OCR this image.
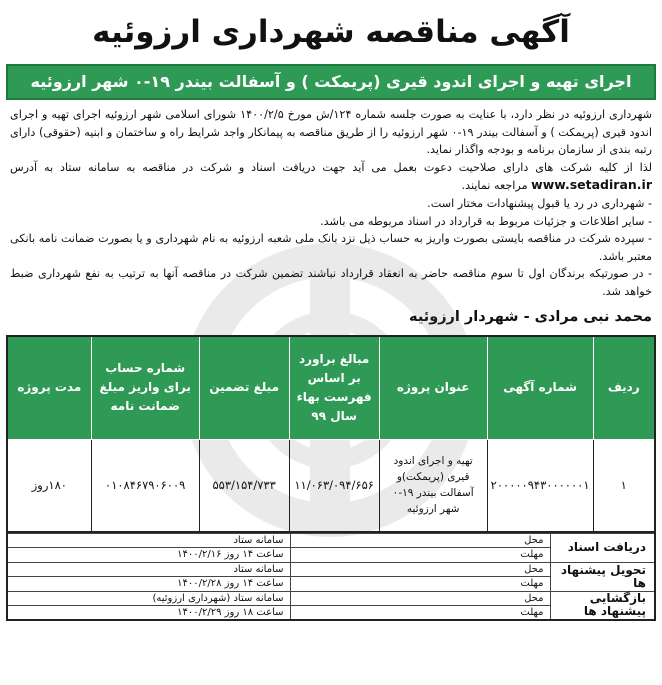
آگهی مناقصه شهرداری ارزوئیه
اجرای تهیه و اجرای اندود قیری (پریمکت ) و آسفالت بیندر ۱۹-۰ شهر ارزوئیه

شهرداری ارزوئیه در نظر دارد، با عنایت به صورت جلسه شماره ۱۲۴/ش مورخ ۱۴۰۰/۲/۵ شورای اسلامی شهر ارزوئیه اجرای تهیه و اجرای اندود قیری (پریمکت ) و آسفالت بیندر ۱۹-۰ شهر ارزوئیه را از طریق مناقصه به پیمانکار واجد شرایط راه و ساختمان و ابنیه (حقوقی) دارای رتبه بندی از سازمان برنامه و بودجه واگذار نماید.

لذا از کلیه شرکت های دارای صلاحیت دعوت بعمل می آید جهت دریافت اسناد و شرکت در مناقصه به سامانه ستاد به آدرس www.setadiran.ir مراجعه نمایند.

- شهرداری در رد یا قبول پیشنهادات مختار است.

- سایر اطلاعات و جزئیات مربوط به قرارداد در اسناد مربوطه می باشد.

- سپرده شرکت در مناقصه بایستی بصورت واریز به حساب ذیل نزد بانک ملی شعبه ارزوئیه به نام شهرداری و یا بصورت ضمانت نامه بانکی معتبر باشد.

- در صورتیکه برندگان اول تا سوم مناقصه حاضر به انعقاد قرارداد نباشند تضمین شرکت در مناقصه آنها به ترتیب به نفع شهرداری ضبط خواهد شد.

محمد نبی مرادی - شهردار ارزوئیه
ردیف	شماره آگهی	عنوان پروژه	مبالغ براورد بر اساس فهرست بهاء سال ۹۹	مبلغ تضمین	شماره حساب برای واریز مبلغ ضمانت نامه	مدت پروژه
۱	۲۰۰۰۰۰۹۴۳۰۰۰۰۰۰۱	تهیه و اجرای اندود قیری (پریمکت)و آسفالت بیندر ۱۹-۰ شهر ارزوئیه	۱۱/۰۶۳/۰۹۴/۶۵۶	۵۵۳/۱۵۴/۷۳۳	۰۱۰۸۴۶۷۹۰۶۰۰۹	۱۸۰روز
دریافت اسناد	محل	سامانه ستاد
	مهلت	ساعت ۱۴ روز ۱۴۰۰/۲/۱۶
تحویل پیشنهاد ها	محل	سامانه ستاد
	مهلت	ساعت ۱۴ روز ۱۴۰۰/۲/۲۸
بازگشایی پیشنهاد ها	محل	سامانه ستاد (شهرداری ارزوئیه)
	مهلت	ساعت ۱۸ روز ۱۴۰۰/۲/۲۹
